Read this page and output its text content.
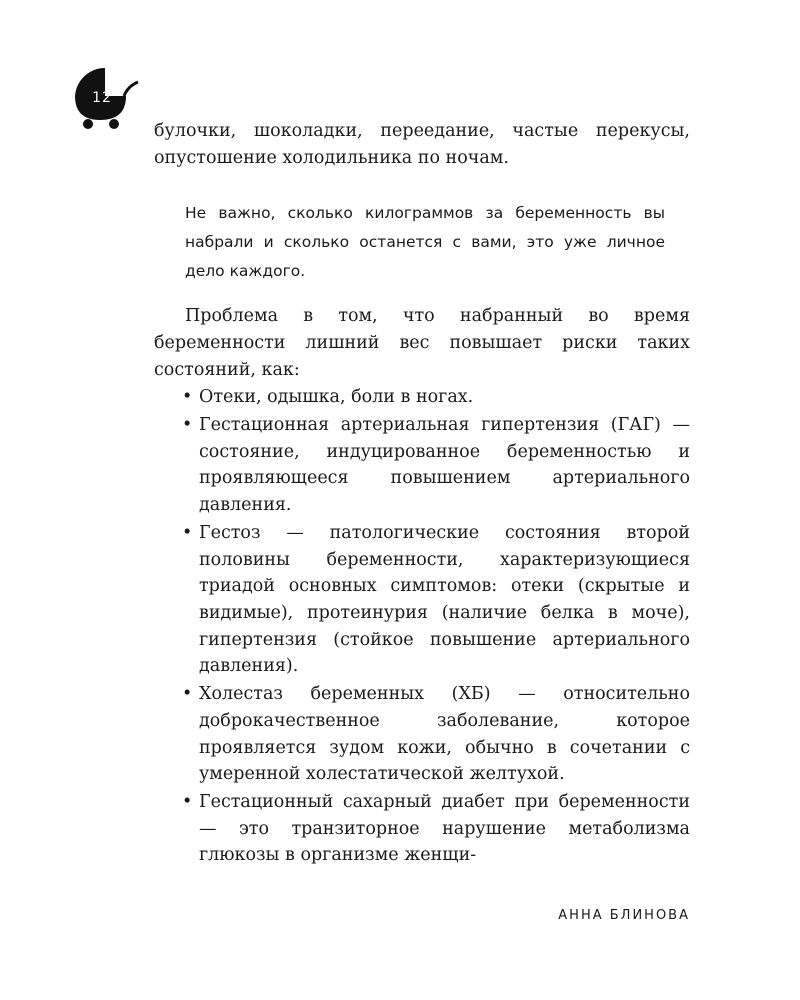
12

булочки, шоколадки, переедание, частые перекусы, опустошение холодильника по ночам.

Не важно, сколько килограммов за беременность вы набрали и сколько останется с вами, это уже личное дело каждого.

Проблема в том, что набранный во время беременности лишний вес повышает риски таких состояний, как:

• Отеки, одышка, боли в ногах.
• Гестационная артериальная гипертензия (ГАГ) — состояние, индуцированное беременностью и проявляющееся повышением артериального давления.
• Гестоз — патологические состояния второй половины беременности, характеризующиеся триадой основных симптомов: отеки (скрытые и видимые), протеинурия (наличие белка в моче), гипертензия (стойкое повышение артериального давления).
• Холестаз беременных (ХБ) — относительно доброкачественное заболевание, которое проявляется зудом кожи, обычно в сочетании с умеренной холестатической желтухой.
• Гестационный сахарный диабет при беременности — это транзиторное нарушение метаболизма глюкозы в организме женщи-
АННА БЛИНОВА
